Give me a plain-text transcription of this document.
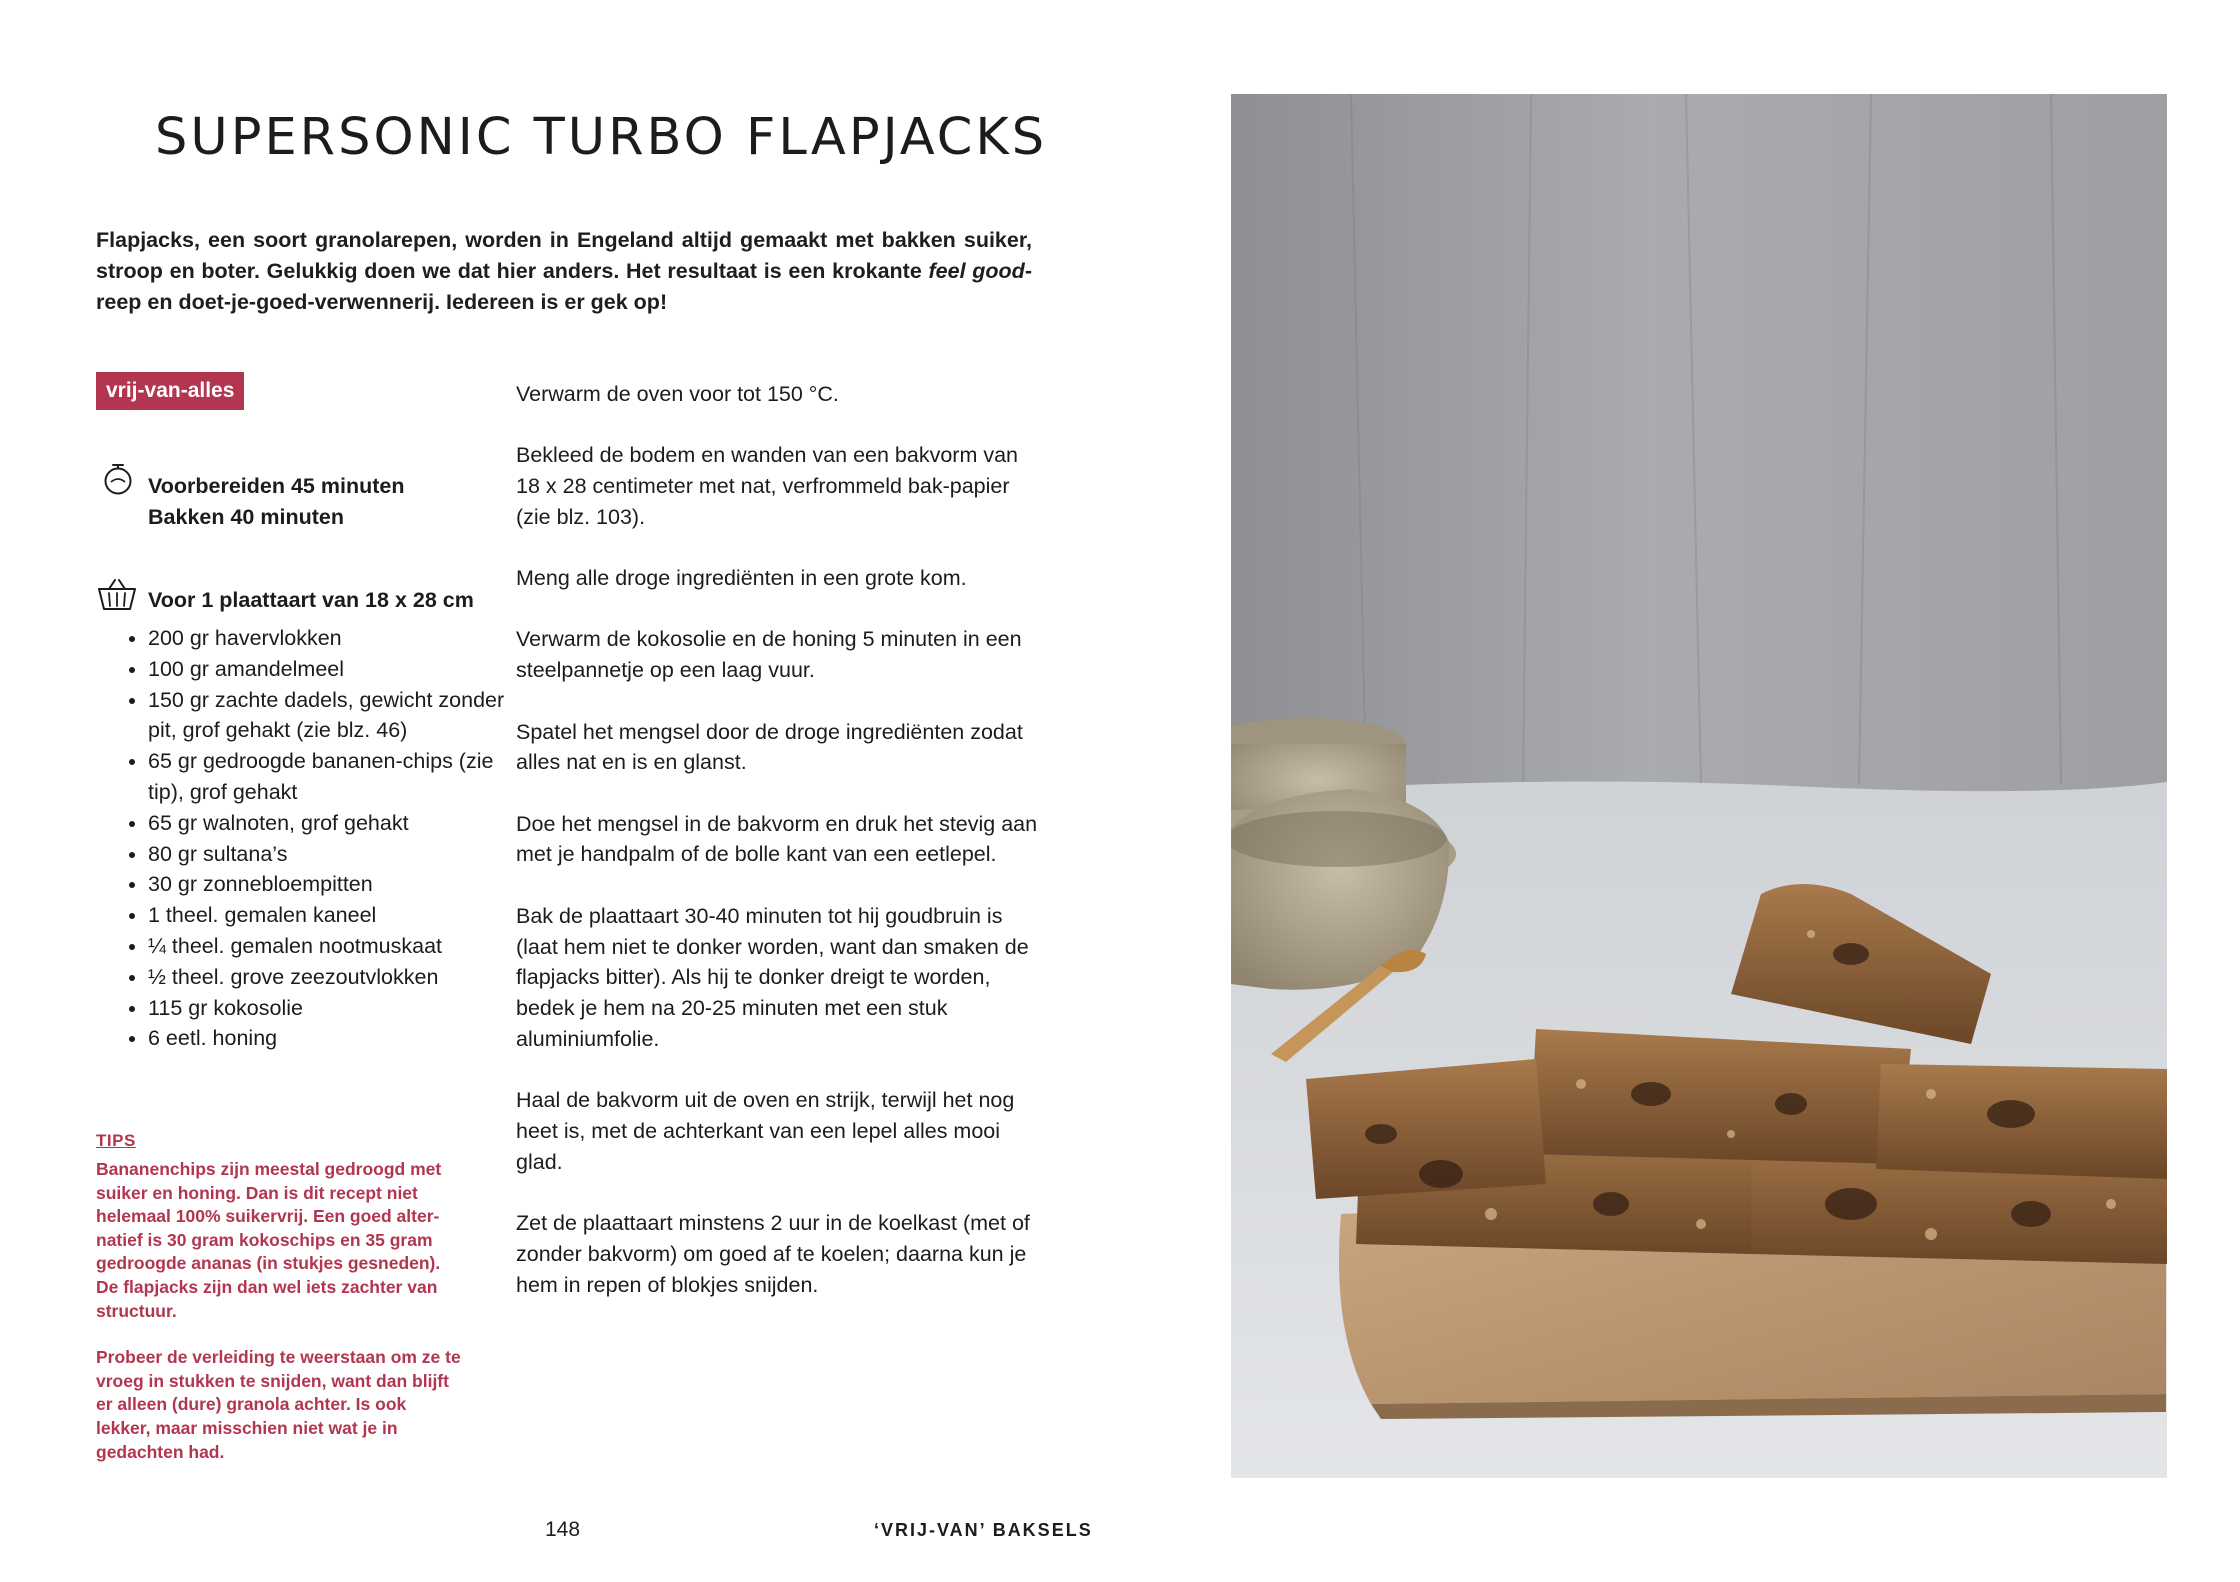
SUPERSONIC TURBO FLAPJACKS

Flapjacks, een soort granolarepen, worden in Engeland altijd gemaakt met bakken suiker, stroop en boter. Gelukkig doen we dat hier anders. Het resultaat is een krokante feel good-reep en doet-je-goed-verwennerij. Iedereen is er gek op!

vrij-van-alles
Voorbereiden 45 minuten
Bakken 40 minuten
Voor 1 plaattaart van 18 x 28 cm
• 200 gr havervlokken
• 100 gr amandelmeel
• 150 gr zachte dadels, gewicht zonder pit, grof gehakt (zie blz. 46)
• 65 gr gedroogde bananen-chips (zie tip), grof gehakt
• 65 gr walnoten, grof gehakt
• 80 gr sultana’s
• 30 gr zonnebloempitten
• 1 theel. gemalen kaneel
• ¼ theel. gemalen nootmuskaat
• ½ theel. grove zeezoutvlokken
• 115 gr kokosolie
• 6 eetl. honing
TIPS

Bananenchips zijn meestal gedroogd met suiker en honing. Dan is dit recept niet helemaal 100% suikervrij. Een goed alter-natief is 30 gram kokoschips en 35 gram gedroogde ananas (in stukjes gesneden). De flapjacks zijn dan wel iets zachter van structuur.

Probeer de verleiding te weerstaan om ze te vroeg in stukken te snijden, want dan blijft er alleen (dure) granola achter. Is ook lekker, maar misschien niet wat je in gedachten had.

Verwarm de oven voor tot 150 °C.

Bekleed de bodem en wanden van een bakvorm van 18 x 28 centimeter met nat, verfrommeld bak-papier (zie blz. 103).

Meng alle droge ingrediënten in een grote kom.

Verwarm de kokosolie en de honing 5 minuten in een steelpannetje op een laag vuur.

Spatel het mengsel door de droge ingrediënten zodat alles nat en is en glanst.

Doe het mengsel in de bakvorm en druk het stevig aan met je handpalm of de bolle kant van een eetlepel.

Bak de plaattaart 30-40 minuten tot hij goudbruin is (laat hem niet te donker worden, want dan smaken de flapjacks bitter). Als hij te donker dreigt te worden, bedek je hem na 20-25 minuten met een stuk aluminiumfolie.

Haal de bakvorm uit de oven en strijk, terwijl het nog heet is, met de achterkant van een lepel alles mooi glad.

Zet de plaattaart minstens 2 uur in de koelkast (met of zonder bakvorm) om goed af te koelen; daarna kun je hem in repen of blokjes snijden.

148	‘VRIJ-VAN’ BAKSELS
